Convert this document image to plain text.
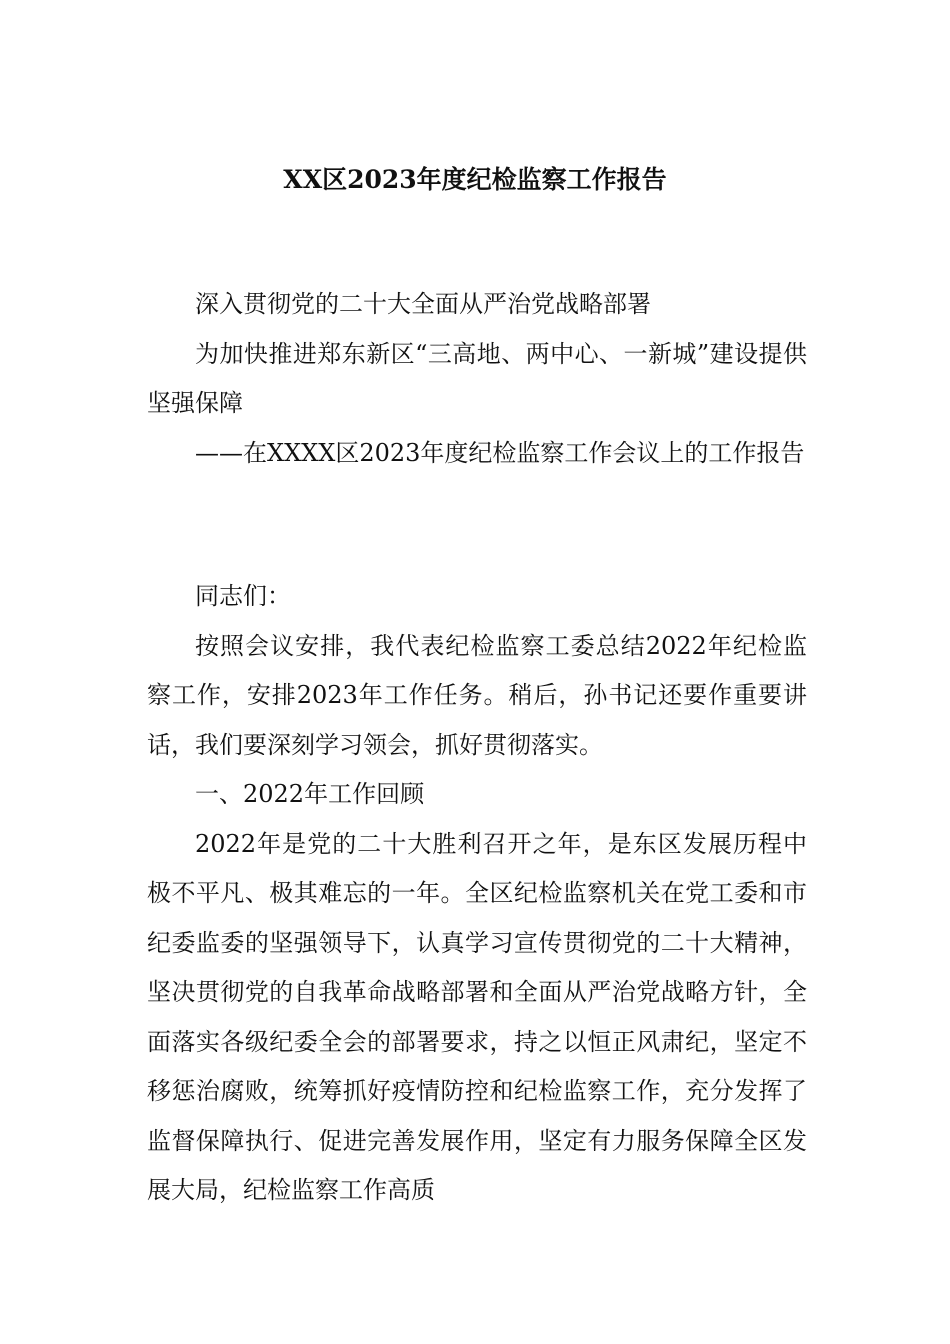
XX区2023年度纪检监察工作报告

深入贯彻党的二十大全面从严治党战略部署

为加快推进郑东新区“三高地、两中心、一新城”建设提供坚强保障

——在XXXX区2023年度纪检监察工作会议上的工作报告

同志们：

按照会议安排，我代表纪检监察工委总结2022年纪检监察工作，安排2023年工作任务。稍后，孙书记还要作重要讲话，我们要深刻学习领会，抓好贯彻落实。

一、2022年工作回顾

2022年是党的二十大胜利召开之年，是东区发展历程中极不平凡、极其难忘的一年。全区纪检监察机关在党工委和市纪委监委的坚强领导下，认真学习宣传贯彻党的二十大精神，坚决贯彻党的自我革命战略部署和全面从严治党战略方针，全面落实各级纪委全会的部署要求，持之以恒正风肃纪，坚定不移惩治腐败，统筹抓好疫情防控和纪检监察工作，充分发挥了监督保障执行、促进完善发展作用，坚定有力服务保障全区发展大局，纪检监察工作高质
